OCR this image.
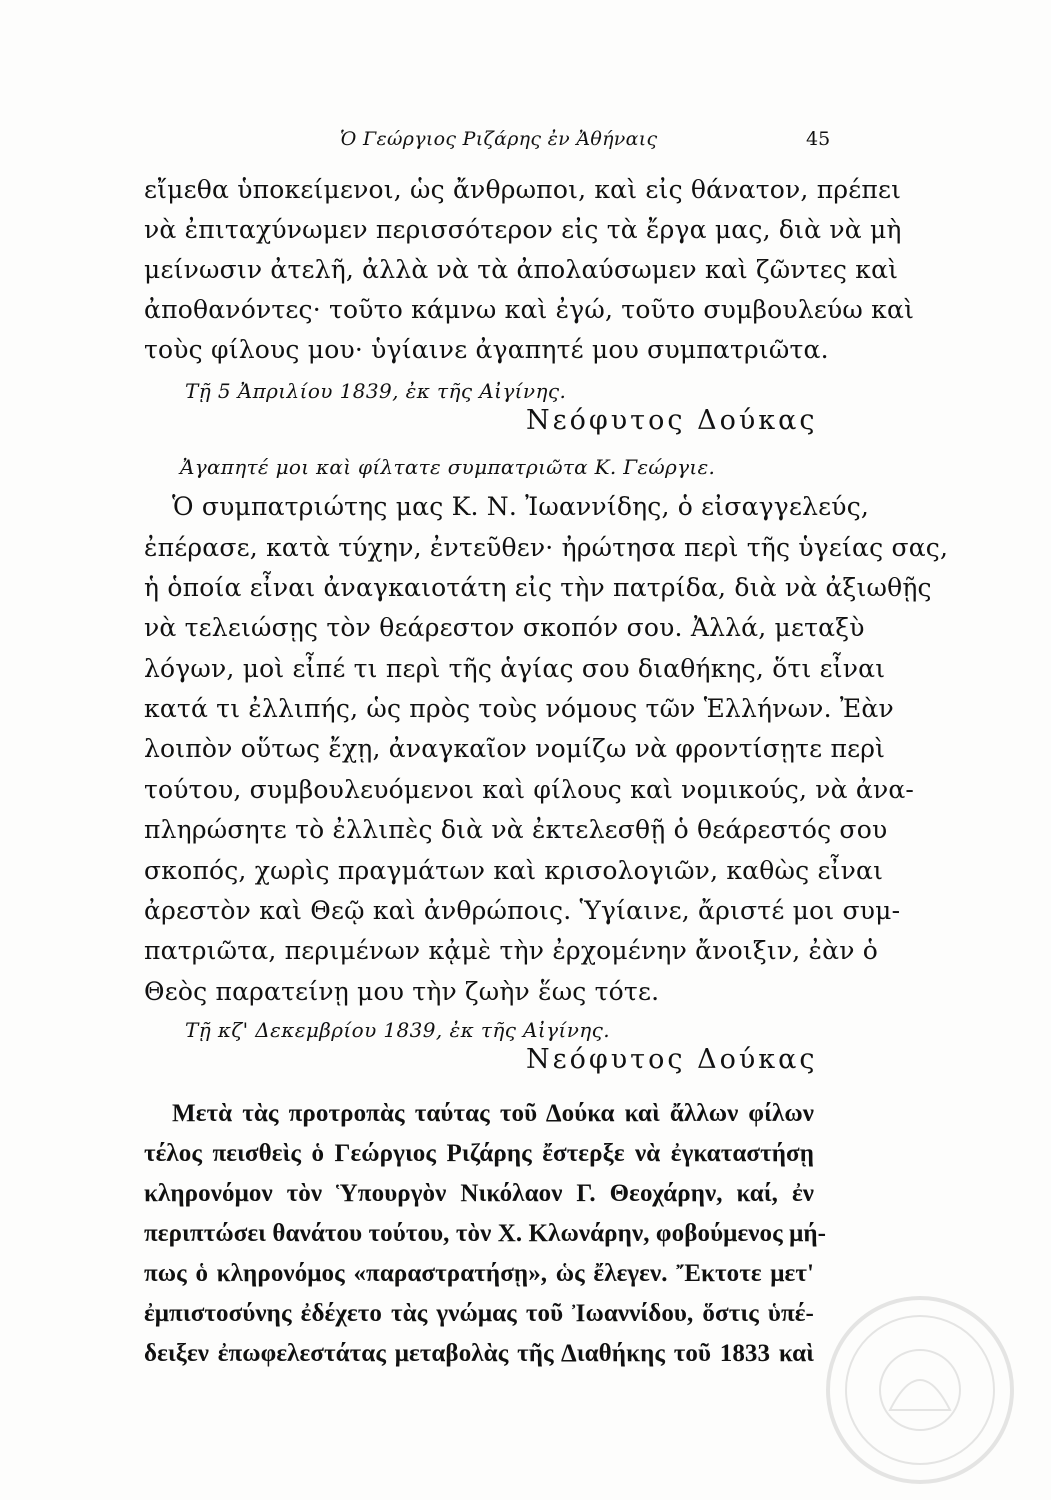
Ὁ Γεώργιος Ριζάρης ἐν Ἀθήναις	45
εἴμεθα ὑποκείμενοι, ὡς ἄνθρωποι, καὶ εἰς θάνατον, πρέπει
νὰ ἐπιταχύνωμεν περισσότερον εἰς τὰ ἔργα μας, διὰ νὰ μὴ
μείνωσιν ἀτελῆ, ἀλλὰ νὰ τὰ ἀπολαύσωμεν καὶ ζῶντες καὶ
ἀποθανόντες· τοῦτο κάμνω καὶ ἐγώ, τοῦτο συμβουλεύω καὶ
τοὺς φίλους μου· ὑγίαινε ἀγαπητέ μου συμπατριῶτα.
Τῇ 5 Ἀπριλίου 1839, ἐκ τῆς Αἰγίνης.
Νεόφυτος Δούκας
Ἀγαπητέ μοι καὶ φίλτατε συμπατριῶτα Κ. Γεώργιε.
Ὁ συμπατριώτης μας Κ. Ν. Ἰωαννίδης, ὁ εἰσαγγελεύς,
ἐπέρασε, κατὰ τύχην, ἐντεῦθεν· ἠρώτησα περὶ τῆς ὑγείας σας,
ἡ ὁποία εἶναι ἀναγκαιοτάτη εἰς τὴν πατρίδα, διὰ νὰ ἀξιωθῇς
νὰ τελειώσῃς τὸν θεάρεστον σκοπόν σου. Ἀλλά, μεταξὺ
λόγων, μοὶ εἶπέ τι περὶ τῆς ἁγίας σου διαθήκης, ὅτι εἶναι
κατά τι ἐλλιπής, ὡς πρὸς τοὺς νόμους τῶν Ἑλλήνων. Ἐὰν
λοιπὸν οὕτως ἔχῃ, ἀναγκαῖον νομίζω νὰ φροντίσῃτε περὶ
τούτου, συμβουλευόμενοι καὶ φίλους καὶ νομικούς, νὰ ἀνα-
πληρώσητε τὸ ἐλλιπὲς διὰ νὰ ἐκτελεσθῇ ὁ θεάρεστός σου
σκοπός, χωρὶς πραγμάτων καὶ κρισολογιῶν, καθὼς εἶναι
ἀρεστὸν καὶ Θεῷ καὶ ἀνθρώποις. Ὑγίαινε, ἄριστέ μοι συμ-
πατριῶτα, περιμένων κᾀμὲ τὴν ἐρχομένην ἄνοιξιν, ἐὰν ὁ
Θεὸς παρατείνῃ μου τὴν ζωὴν ἕως τότε.
Τῇ κζ' Δεκεμβρίου 1839, ἐκ τῆς Αἰγίνης.
Νεόφυτος Δούκας
Μετὰ τὰς προτροπὰς ταύτας τοῦ Δούκα καὶ ἄλλων φίλων
τέλος πεισθεὶς ὁ Γεώργιος Ριζάρης ἔστερξε νὰ ἐγκαταστήσῃ
κληρονόμον τὸν Ὑπουργὸν Νικόλαον Γ. Θεοχάρην, καί, ἐν
περιπτώσει θανάτου τούτου, τὸν Χ. Κλωνάρην, φοβούμενος μή-
πως ὁ κληρονόμος «παραστρατήσῃ», ὡς ἔλεγεν. Ἔκτοτε μετ'
ἐμπιστοσύνης ἐδέχετο τὰς γνώμας τοῦ Ἰωαννίδου, ὅστις ὑπέ-
δειξεν ἐπωφελεστάτας μεταβολὰς τῆς Διαθήκης τοῦ 1833 καὶ
